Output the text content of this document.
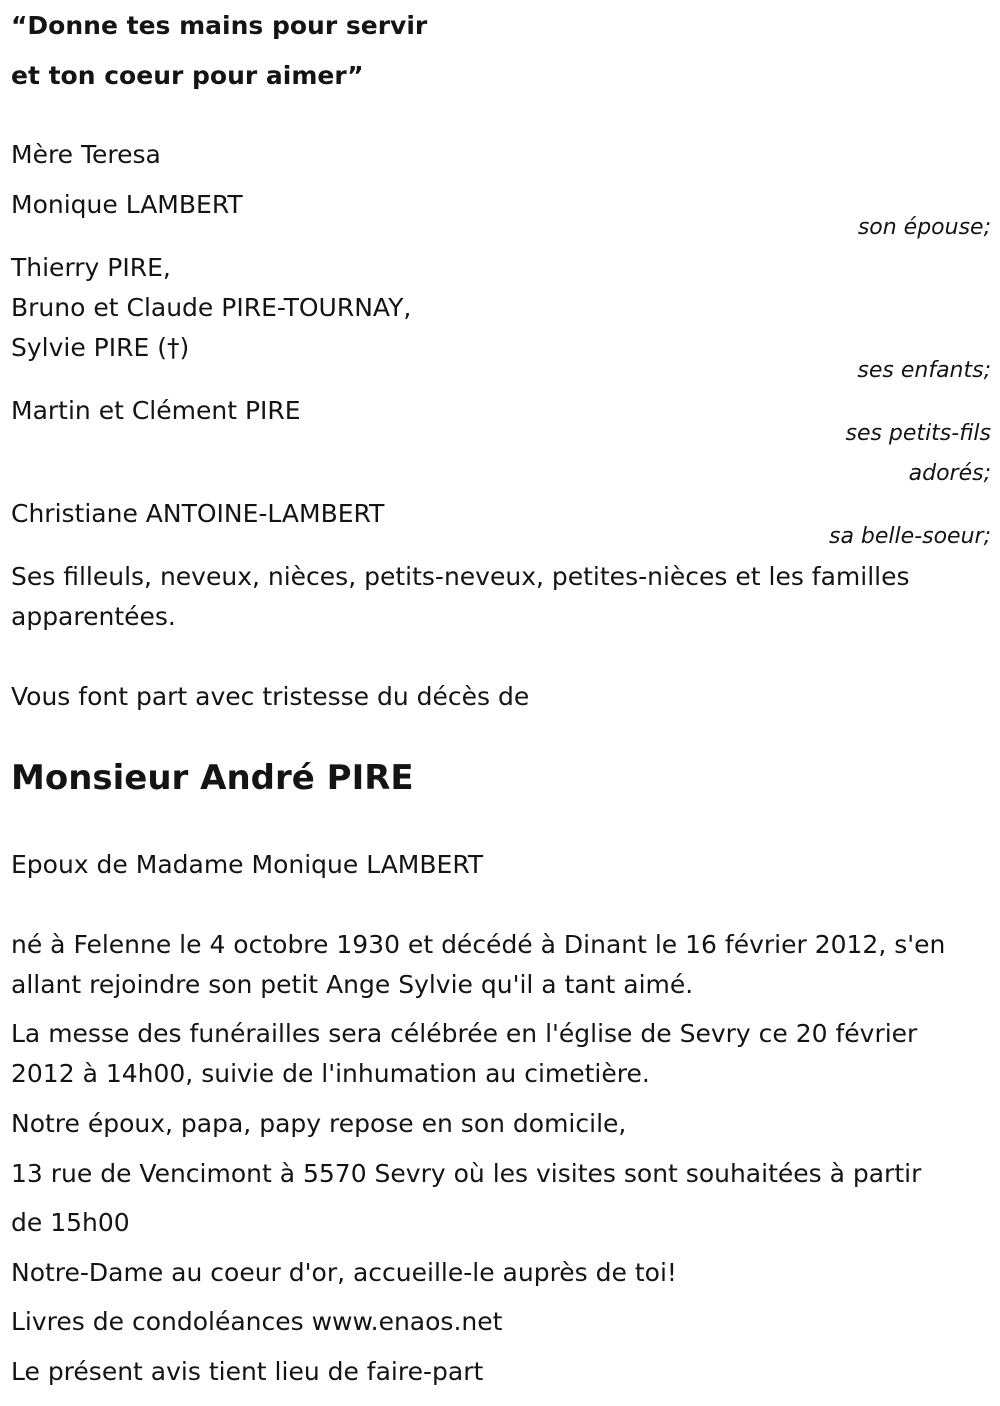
“Donne tes mains pour servir

et ton coeur pour aimer”

Mère Teresa

Monique LAMBERT

son épouse;

Thierry PIRE,

Bruno et Claude PIRE-TOURNAY,

Sylvie PIRE (†)

ses enfants;

Martin et Clément PIRE

ses petits-fils

adorés;

Christiane ANTOINE-LAMBERT

sa belle-soeur;

Ses filleuls, neveux, nièces, petits-neveux, petites-nièces et les familles apparentées.

Vous font part avec tristesse du décès de

Monsieur André PIRE

Epoux de Madame Monique LAMBERT

né à Felenne le 4 octobre 1930 et décédé à Dinant le 16 février 2012, s'en allant rejoindre son petit Ange Sylvie qu'il a tant aimé.

La messe des funérailles sera célébrée en l'église de Sevry ce 20 février 2012 à 14h00, suivie de l'inhumation au cimetière.

Notre époux, papa, papy repose en son domicile,

13 rue de Vencimont à 5570 Sevry où les visites sont souhaitées à partir

de 15h00

Notre-Dame au coeur d'or, accueille-le auprès de toi!

Livres de condoléances www.enaos.net

Le présent avis tient lieu de faire-part
